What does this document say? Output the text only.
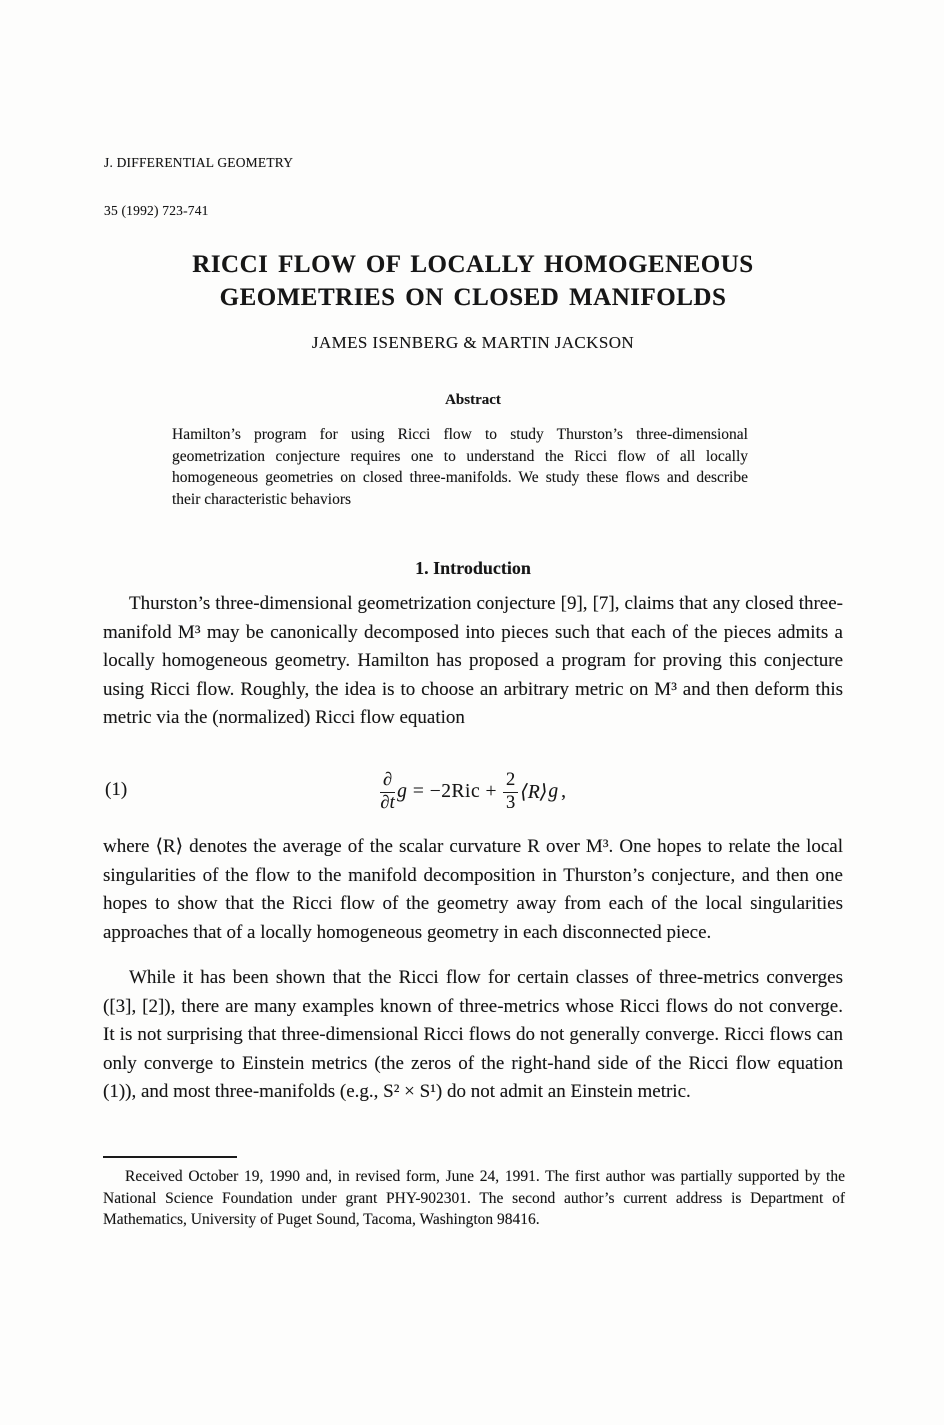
J. DIFFERENTIAL GEOMETRY

35 (1992) 723-741

RICCI FLOW OF LOCALLY HOMOGENEOUS
GEOMETRIES ON CLOSED MANIFOLDS
JAMES ISENBERG & MARTIN JACKSON
Abstract
Hamilton’s program for using Ricci flow to study Thurston’s three-dimensional geometrization conjecture requires one to understand the Ricci flow of all locally homogeneous geometries on closed three-manifolds. We study these flows and describe their characteristic behaviors
1. Introduction
Thurston’s three-dimensional geometrization conjecture [9], [7], claims that any closed three-manifold M³ may be canonically decomposed into pieces such that each of the pieces admits a locally homogeneous geometry. Hamilton has proposed a program for proving this conjecture using Ricci flow. Roughly, the idea is to choose an arbitrary metric on M³ and then deform this metric via the (normalized) Ricci flow equation
(1)	$\frac{\partial}{\partial t}$ $g = -2Ric + \frac{2}{3}$ ⟨R⟩ g ,
where ⟨R⟩ denotes the average of the scalar curvature R over M³. One hopes to relate the local singularities of the flow to the manifold decomposition in Thurston’s conjecture, and then one hopes to show that the Ricci flow of the geometry away from each of the local singularities approaches that of a locally homogeneous geometry in each disconnected piece.
While it has been shown that the Ricci flow for certain classes of three-metrics converges ([3], [2]), there are many examples known of three-metrics whose Ricci flows do not converge. It is not surprising that three-dimensional Ricci flows do not generally converge. Ricci flows can only converge to Einstein metrics (the zeros of the right-hand side of the Ricci flow equation (1)), and most three-manifolds (e.g., S² × S¹) do not admit an Einstein metric.
Received October 19, 1990 and, in revised form, June 24, 1991. The first author was partially supported by the National Science Foundation under grant PHY-902301. The second author’s current address is Department of Mathematics, University of Puget Sound, Tacoma, Washington 98416.
